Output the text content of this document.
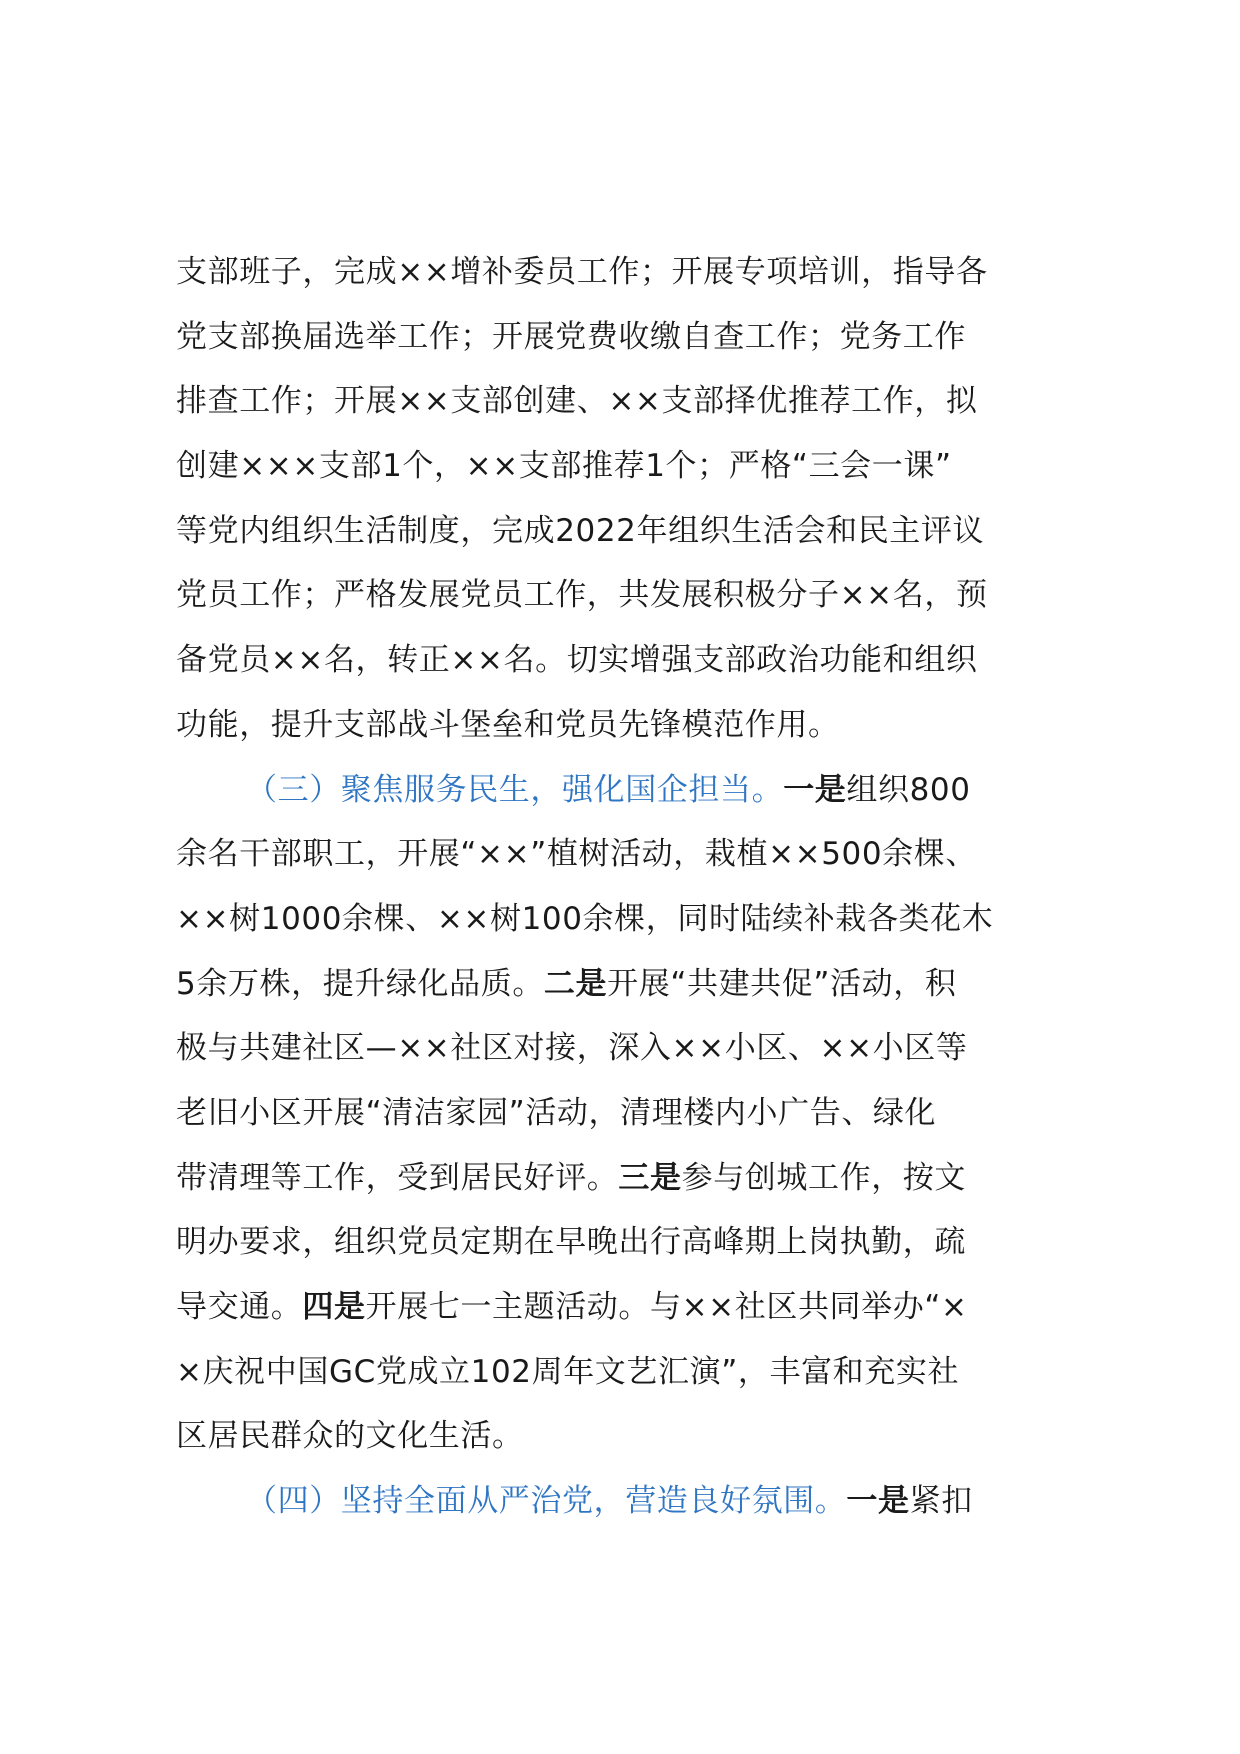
支部班子，完成××增补委员工作；开展专项培训，指导各
党支部换届选举工作；开展党费收缴自查工作；党务工作
排查工作；开展××支部创建、××支部择优推荐工作，拟
创建×××支部1个，××支部推荐1个；严格“三会一课”
等党内组织生活制度，完成2022年组织生活会和民主评议
党员工作；严格发展党员工作，共发展积极分子××名，预
备党员××名，转正××名。切实增强支部政治功能和组织
功能，提升支部战斗堡垒和党员先锋模范作用。
（三）聚焦服务民生，强化国企担当。一是组织800
余名干部职工，开展“××”植树活动，栽植××500余棵、
××树1000余棵、××树100余棵，同时陆续补栽各类花木
5余万株，提升绿化品质。二是开展“共建共促”活动，积
极与共建社区—××社区对接，深入××小区、××小区等
老旧小区开展“清洁家园”活动，清理楼内小广告、绿化
带清理等工作，受到居民好评。三是参与创城工作，按文
明办要求，组织党员定期在早晚出行高峰期上岗执勤，疏
导交通。四是开展七一主题活动。与××社区共同举办“×
×庆祝中国GC党成立102周年文艺汇演”，丰富和充实社
区居民群众的文化生活。
（四）坚持全面从严治党，营造良好氛围。一是紧扣
